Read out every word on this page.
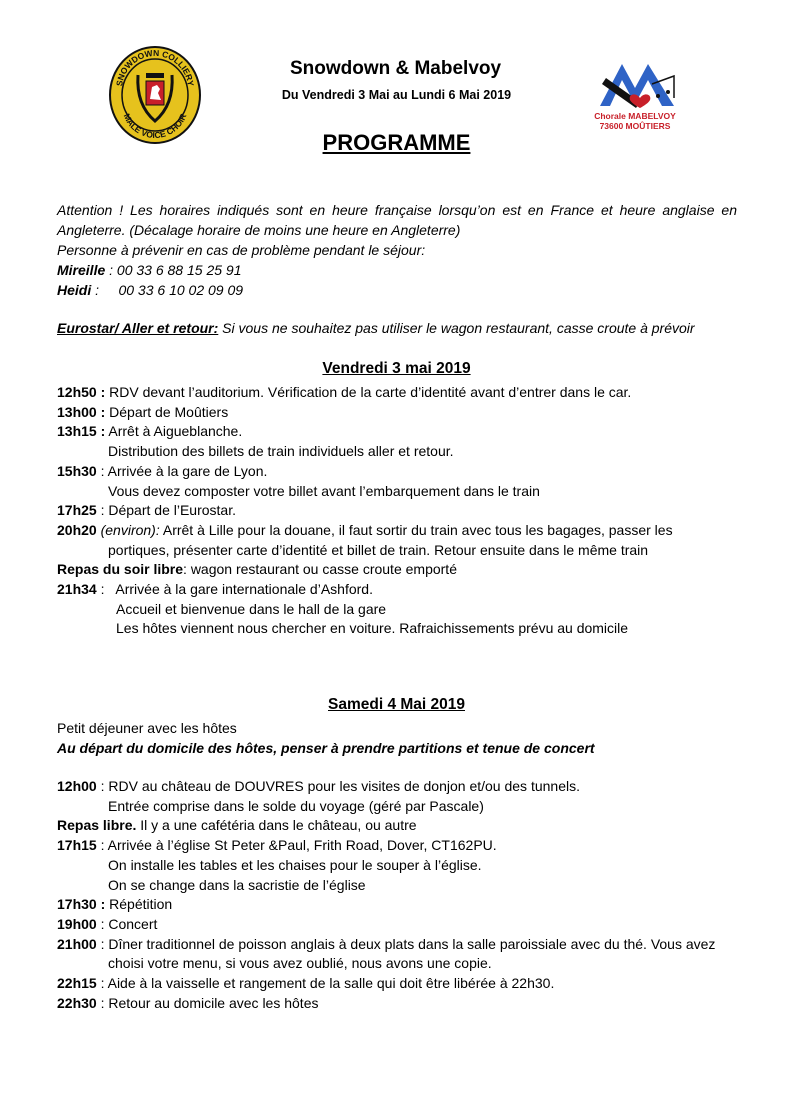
SNOWDOWN COLLIERY
MALE VOICE CHOIR	Chorale MABELVOY
73600 MOÛTIERS
Snowdown & Mabelvoy
Du Vendredi 3 Mai au Lundi 6 Mai 2019
PROGRAMME
Attention ! Les horaires indiqués sont en heure française lorsqu’on est en France et heure anglaise en Angleterre. (Décalage horaire de moins une heure en Angleterre)
Personne à prévenir en cas de problème pendant le séjour:
Mireille : 00 33 6 88 15 25 91
Heidi :     00 33 6 10 02 09 09
Eurostar/ Aller et retour: Si vous ne souhaitez pas utiliser le wagon restaurant, casse croute à prévoir
Vendredi 3 mai 2019
12h50 : RDV devant l’auditorium. Vérification de la carte d’identité avant d’entrer dans le car.
13h00 : Départ de Moûtiers
13h15 : Arrêt à Aigueblanche.
Distribution des billets de train individuels aller et retour.
15h30 : Arrivée à la gare de Lyon.
Vous devez composter votre billet avant l’embarquement dans le train
17h25 : Départ de l’Eurostar.
20h20 (environ): Arrêt à Lille pour la douane, il faut sortir du train avec tous les bagages, passer les
portiques, présenter carte d’identité et billet de train. Retour ensuite dans le même train
Repas du soir libre: wagon restaurant ou casse croute emporté
21h34 :   Arrivée à la gare internationale d’Ashford.
Accueil et bienvenue dans le hall de la gare
Les hôtes viennent nous chercher en voiture. Rafraichissements prévu au domicile
Samedi 4 Mai 2019
Petit déjeuner avec les hôtes
Au départ du domicile des hôtes, penser à prendre partitions et tenue de concert
12h00 : RDV au château de DOUVRES pour les visites de donjon et/ou des tunnels.
Entrée comprise dans le solde du voyage (géré par Pascale)
Repas libre. Il y a une cafétéria dans le château, ou autre
17h15 : Arrivée à l’église St Peter &Paul, Frith Road, Dover, CT162PU.
On installe les tables et les chaises pour le souper à l’église.
On se change dans la sacristie de l’église
17h30 : Répétition
19h00 : Concert
21h00 : Dîner traditionnel de poisson anglais à deux plats dans la salle paroissiale avec du thé. Vous avez
choisi votre menu, si vous avez oublié, nous avons une copie.
22h15 : Aide à la vaisselle et rangement de la salle qui doit être libérée à 22h30.
22h30 : Retour au domicile avec les hôtes
